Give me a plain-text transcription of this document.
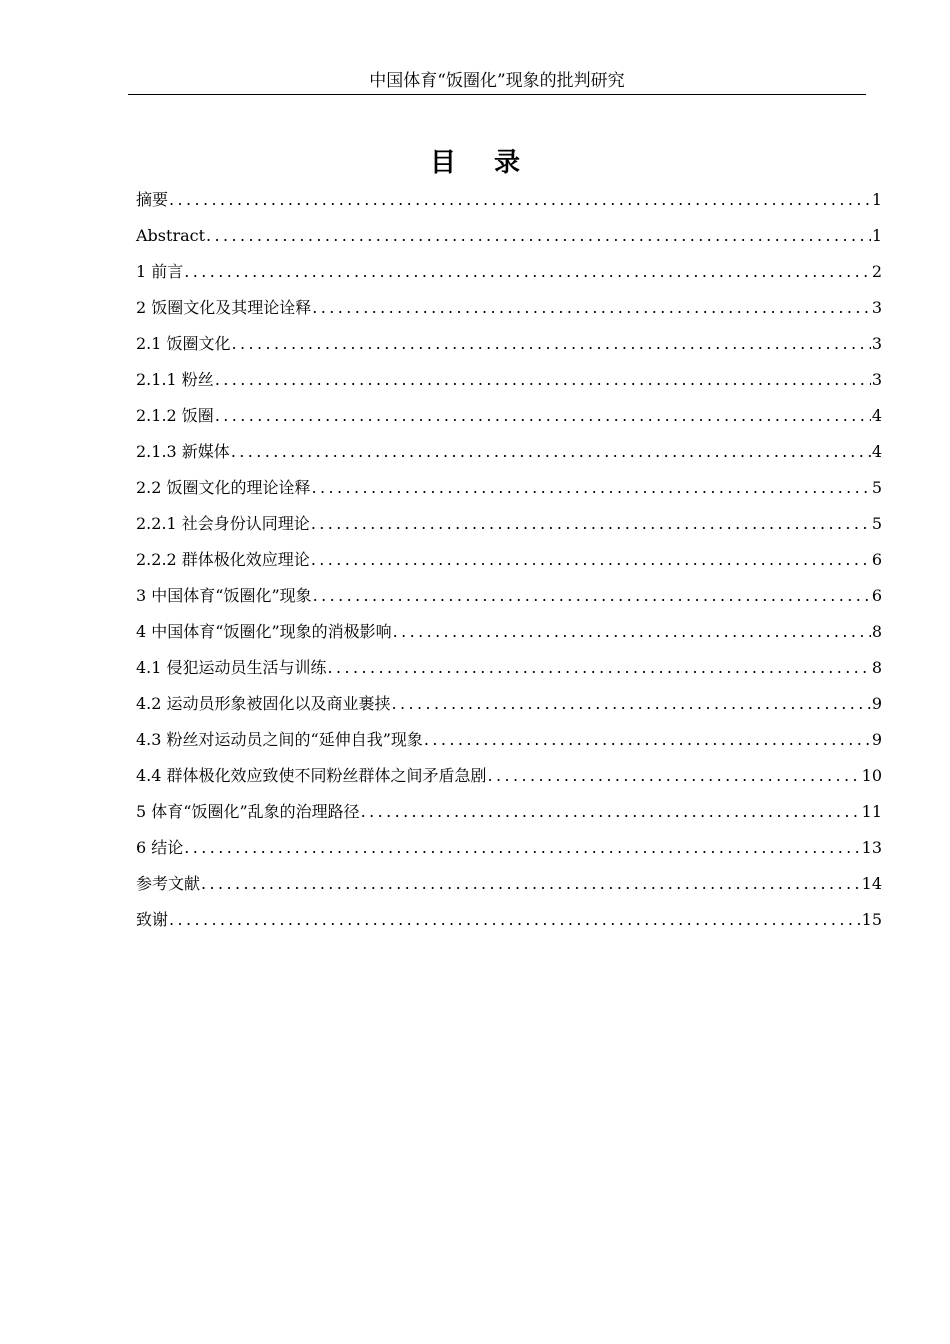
中国体育“饭圈化”现象的批判研究
目录
摘要 .....	1
Abstract .....	1
1 前言 .....	2
2 饭圈文化及其理论诠释 .....	3
2.1 饭圈文化 .....	3
2.1.1 粉丝 .....	3
2.1.2 饭圈 .....	4
2.1.3 新媒体 .....	4
2.2 饭圈文化的理论诠释 .....	5
2.2.1 社会身份认同理论 .....	5
2.2.2 群体极化效应理论 .....	6
3 中国体育“饭圈化”现象 .....	6
4 中国体育“饭圈化”现象的消极影响 .....	8
4.1 侵犯运动员生活与训练 .....	8
4.2 运动员形象被固化以及商业裹挟 .....	9
4.3 粉丝对运动员之间的“延伸自我”现象 .....	9
4.4 群体极化效应致使不同粉丝群体之间矛盾急剧 .....	10
5 体育“饭圈化”乱象的治理路径 .....	11
6 结论 .....	13
参考文献 .....	14
致谢 .....	15
